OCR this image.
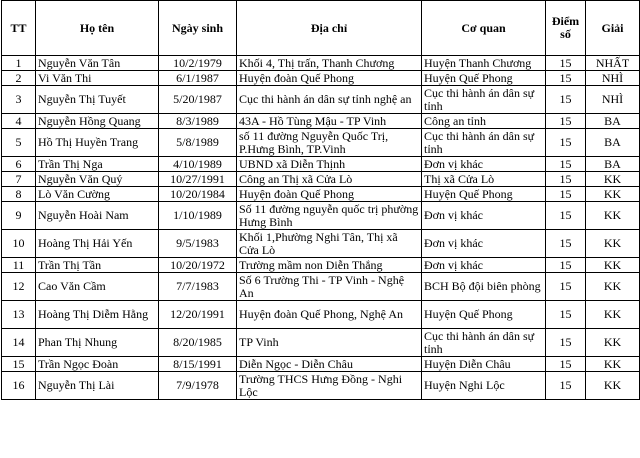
TT	Họ tên	Ngày sinh	Địa chỉ	Cơ quan	Điểm số	Giải
1	Nguyễn Văn Tân	10/2/1979	Khối 4, Thị trấn, Thanh Chương	Huyện Thanh Chương	15	NHẤT
2	Vi Văn Thi	6/1/1987	Huyện đoàn Quế Phong	Huyện Quế Phong	15	NHÌ
3	Nguyễn Thị Tuyết	5/20/1987	Cục thi hành án dân sự tỉnh nghệ an	Cục thi hành án dân sự tỉnh	15	NHÌ
4	Nguyễn Hồng Quang	8/3/1989	43A - Hồ Tùng Mậu - TP Vinh	Công an tỉnh	15	BA
5	Hồ Thị Huyền Trang	5/8/1989	số 11 đường Nguyễn Quốc Trị, P.Hưng Bình, TP.Vinh	Cục thi hành án dân sự tỉnh	15	BA
6	Trần Thị Nga	4/10/1989	UBND xã Diễn Thịnh	Đơn vị khác	15	BA
7	Nguyễn Văn Quý	10/27/1991	Công an Thị xã Cửa Lò	Thị xã Cửa Lò	15	KK
8	Lò Văn Cường	10/20/1984	Huyện đoàn Quế Phong	Huyện Quế Phong	15	KK
9	Nguyễn Hoài Nam	1/10/1989	Số 11 đường nguyễn quốc trị phường Hưng Bình	Đơn vị khác	15	KK
10	Hoàng Thị Hải Yến	9/5/1983	Khối 1,Phường Nghi Tân, Thị xã Cửa Lò	Đơn vị khác	15	KK
11	Trần Thị Tần	10/20/1972	Trường mầm non Diễn Thắng	Đơn vị khác	15	KK
12	Cao Văn Cầm	7/7/1983	Số 6 Trường Thi - TP Vinh - Nghệ An	BCH Bộ đội biên phòng	15	KK
13	Hoàng Thị Diễm Hằng	12/20/1991	Huyện đoàn Quế Phong, Nghệ An	Huyện Quế Phong	15	KK
14	Phan Thị Nhung	8/20/1985	TP Vinh	Cục thi hành án dân sự tỉnh	15	KK
15	Trần Ngọc Đoàn	8/15/1991	Diễn Ngọc - Diễn Châu	Huyện Diễn Châu	15	KK
16	Nguyễn Thị Lài	7/9/1978	Trường THCS Hưng Đồng - Nghi Lộc	Huyện Nghi Lộc	15	KK
